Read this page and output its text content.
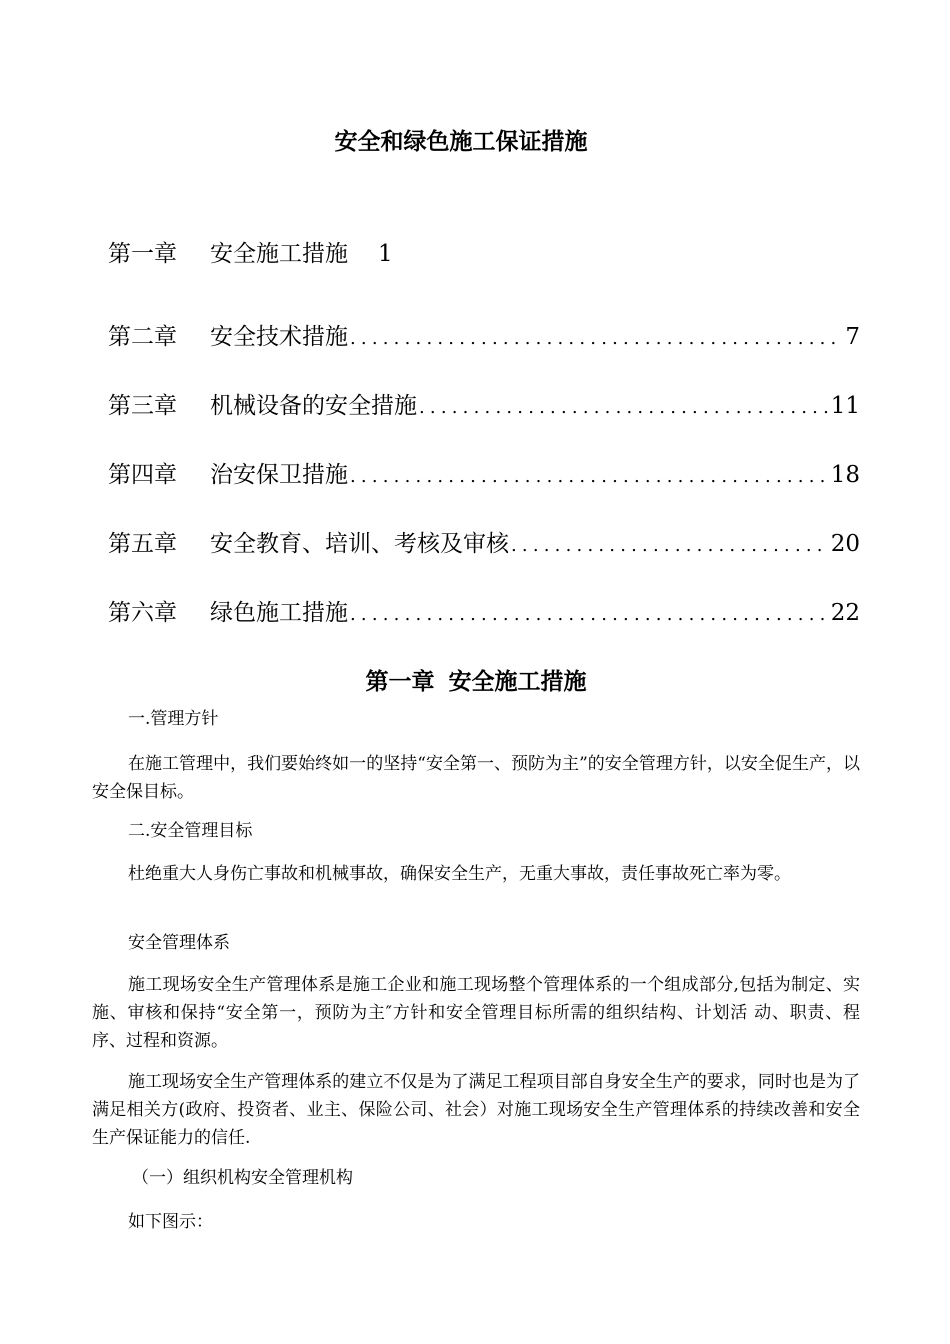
安全和绿色施工保证措施
第一章	安全施工措施	1
第二章	安全技术措施 .....	7
第三章	机械设备的安全措施 .....	11
第四章	治安保卫措施 .....	18
第五章	安全教育、培训、考核及审核 .....	20
第六章	绿色施工措施 .....	22
第一章 安全施工措施

一.管理方针

在施工管理中，我们要始终如一的坚持“安全第一、预防为主”的安全管理方针，以安全促生产，以安全保目标。

二.安全管理目标

杜绝重大人身伤亡事故和机械事故，确保安全生产，无重大事故，责任事故死亡率为零。

安全管理体系

施工现场安全生产管理体系是施工企业和施工现场整个管理体系的一个组成部分,包括为制定、实施、审核和保持“安全第一，预防为主″方针和安全管理目标所需的组织结构、计划活 动、职责、程序、过程和资源。

施工现场安全生产管理体系的建立不仅是为了满足工程项目部自身安全生产的要求，同时也是为了满足相关方(政府、投资者、业主、保险公司、社会）对施工现场安全生产管理体系的持续改善和安全生产保证能力的信任.

（一）组织机构安全管理机构

如下图示：
